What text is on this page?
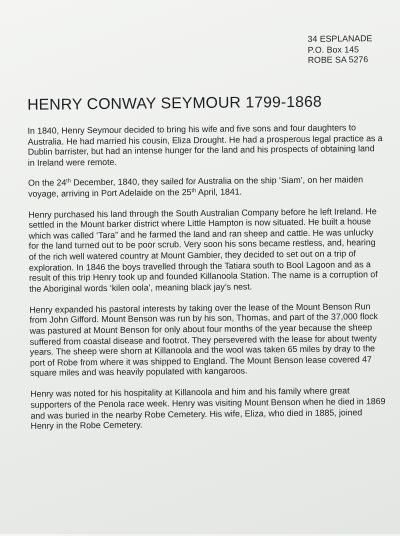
34 ESPLANADE
P.O. Box 145
ROBE SA 5276
HENRY CONWAY SEYMOUR 1799-1868

In 1840, Henry Seymour decided to bring his wife and five sons and four daughters to Australia. He had married his cousin, Eliza Drought. He had a prosperous legal practice as a Dublin barrister, but had an intense hunger for the land and his prospects of obtaining land in Ireland were remote.

On the 24th December, 1840, they sailed for Australia on the ship ‘Siam’, on her maiden voyage, arriving in Port Adelaide on the 25th April, 1841.

Henry purchased his land through the South Australian Company before he left Ireland. He settled in the Mount barker district where Little Hampton is now situated. He built a house which was called ‘Tara” and he farmed the land and ran sheep and cattle. He was unlucky for the land turned out to be poor scrub. Very soon his sons became restless, and, hearing of the rich well watered country at Mount Gambier, they decided to set out on a trip of exploration. In 1846 the boys travelled through the Tatiara south to Bool Lagoon and as a result of this trip Henry took up and founded Killanoola Station. The name is a corruption of the Aboriginal words ‘kilen oola’, meaning black jay’s nest.

Henry expanded his pastoral interests by taking over the lease of the Mount Benson Run from John Gifford. Mount Benson was run by his son, Thomas, and part of the 37,000 flock was pastured at Mount Benson for only about four months of the year because the sheep suffered from coastal disease and footrot. They persevered with the lease for about twenty years. The sheep were shorn at Killanoola and the wool was taken 65 miles by dray to the port of Robe from where it was shipped to England. The Mount Benson lease covered 47 square miles and was heavily populated with kangaroos.

Henry was noted for his hospitality at Killanoola and him and his family where great supporters of the Penola race week. Henry was visiting Mount Benson when he died in 1869 and was buried in the nearby Robe Cemetery. His wife, Eliza, who died in 1885, joined Henry in the Robe Cemetery.
